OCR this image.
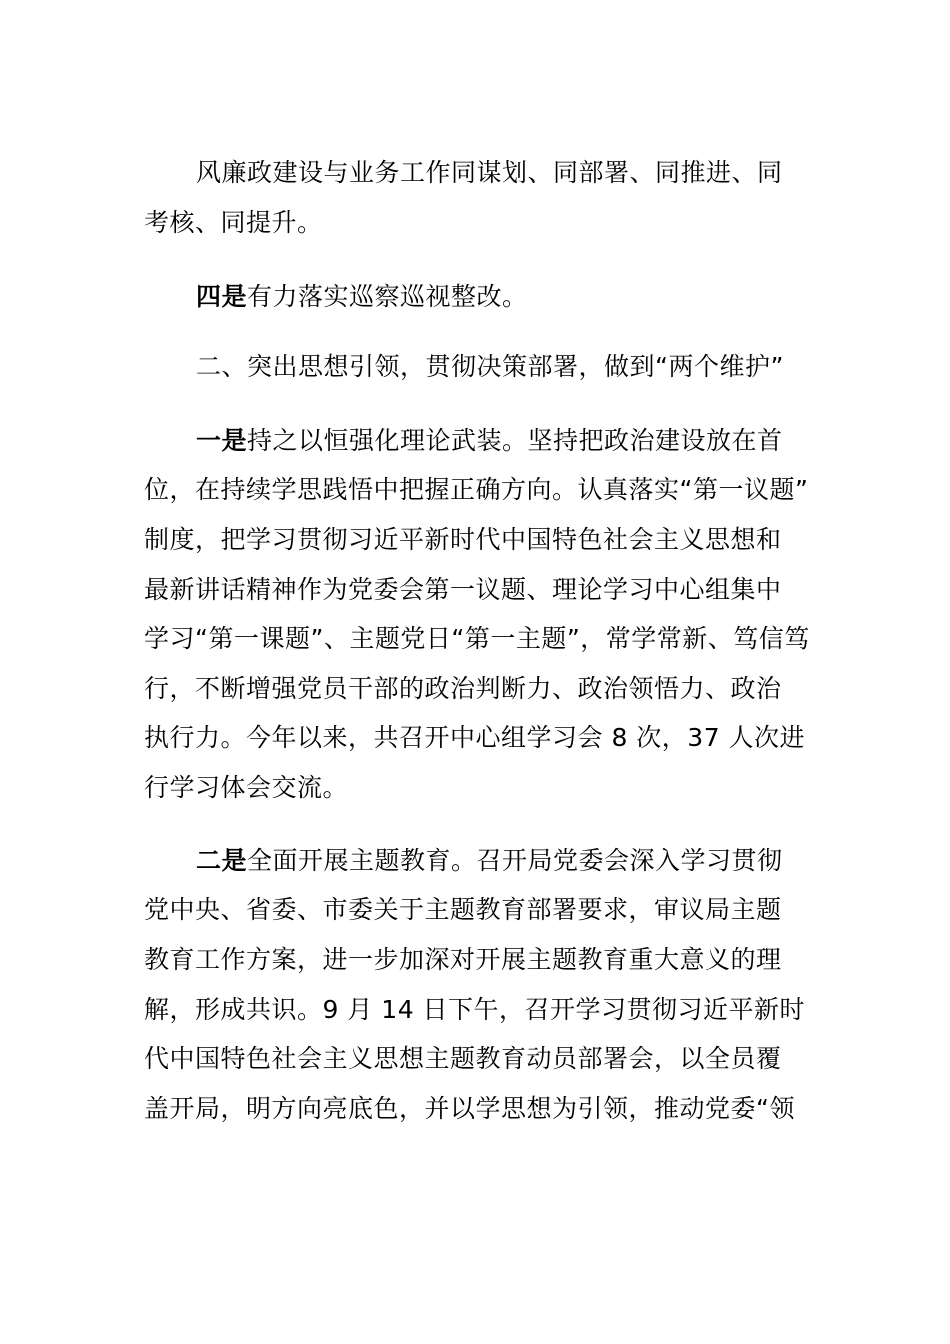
风廉政建设与业务工作同谋划、同部署、同推进、同
考核、同提升。
四是有力落实巡察巡视整改。
二、突出思想引领，贯彻决策部署，做到“两个维护”
一是持之以恒强化理论武装。坚持把政治建设放在首
位，在持续学思践悟中把握正确方向。认真落实“第一议题”
制度，把学习贯彻习近平新时代中国特色社会主义思想和
最新讲话精神作为党委会第一议题、理论学习中心组集中
学习“第一课题”、主题党日“第一主题”，常学常新、笃信笃
行，不断增强党员干部的政治判断力、政治领悟力、政治
执行力。今年以来，共召开中心组学习会 8 次，37 人次进
行学习体会交流。
二是全面开展主题教育。召开局党委会深入学习贯彻
党中央、省委、市委关于主题教育部署要求，审议局主题
教育工作方案，进一步加深对开展主题教育重大意义的理
解，形成共识。9 月 14 日下午，召开学习贯彻习近平新时
代中国特色社会主义思想主题教育动员部署会，以全员覆
盖开局，明方向亮底色，并以学思想为引领，推动党委“领
